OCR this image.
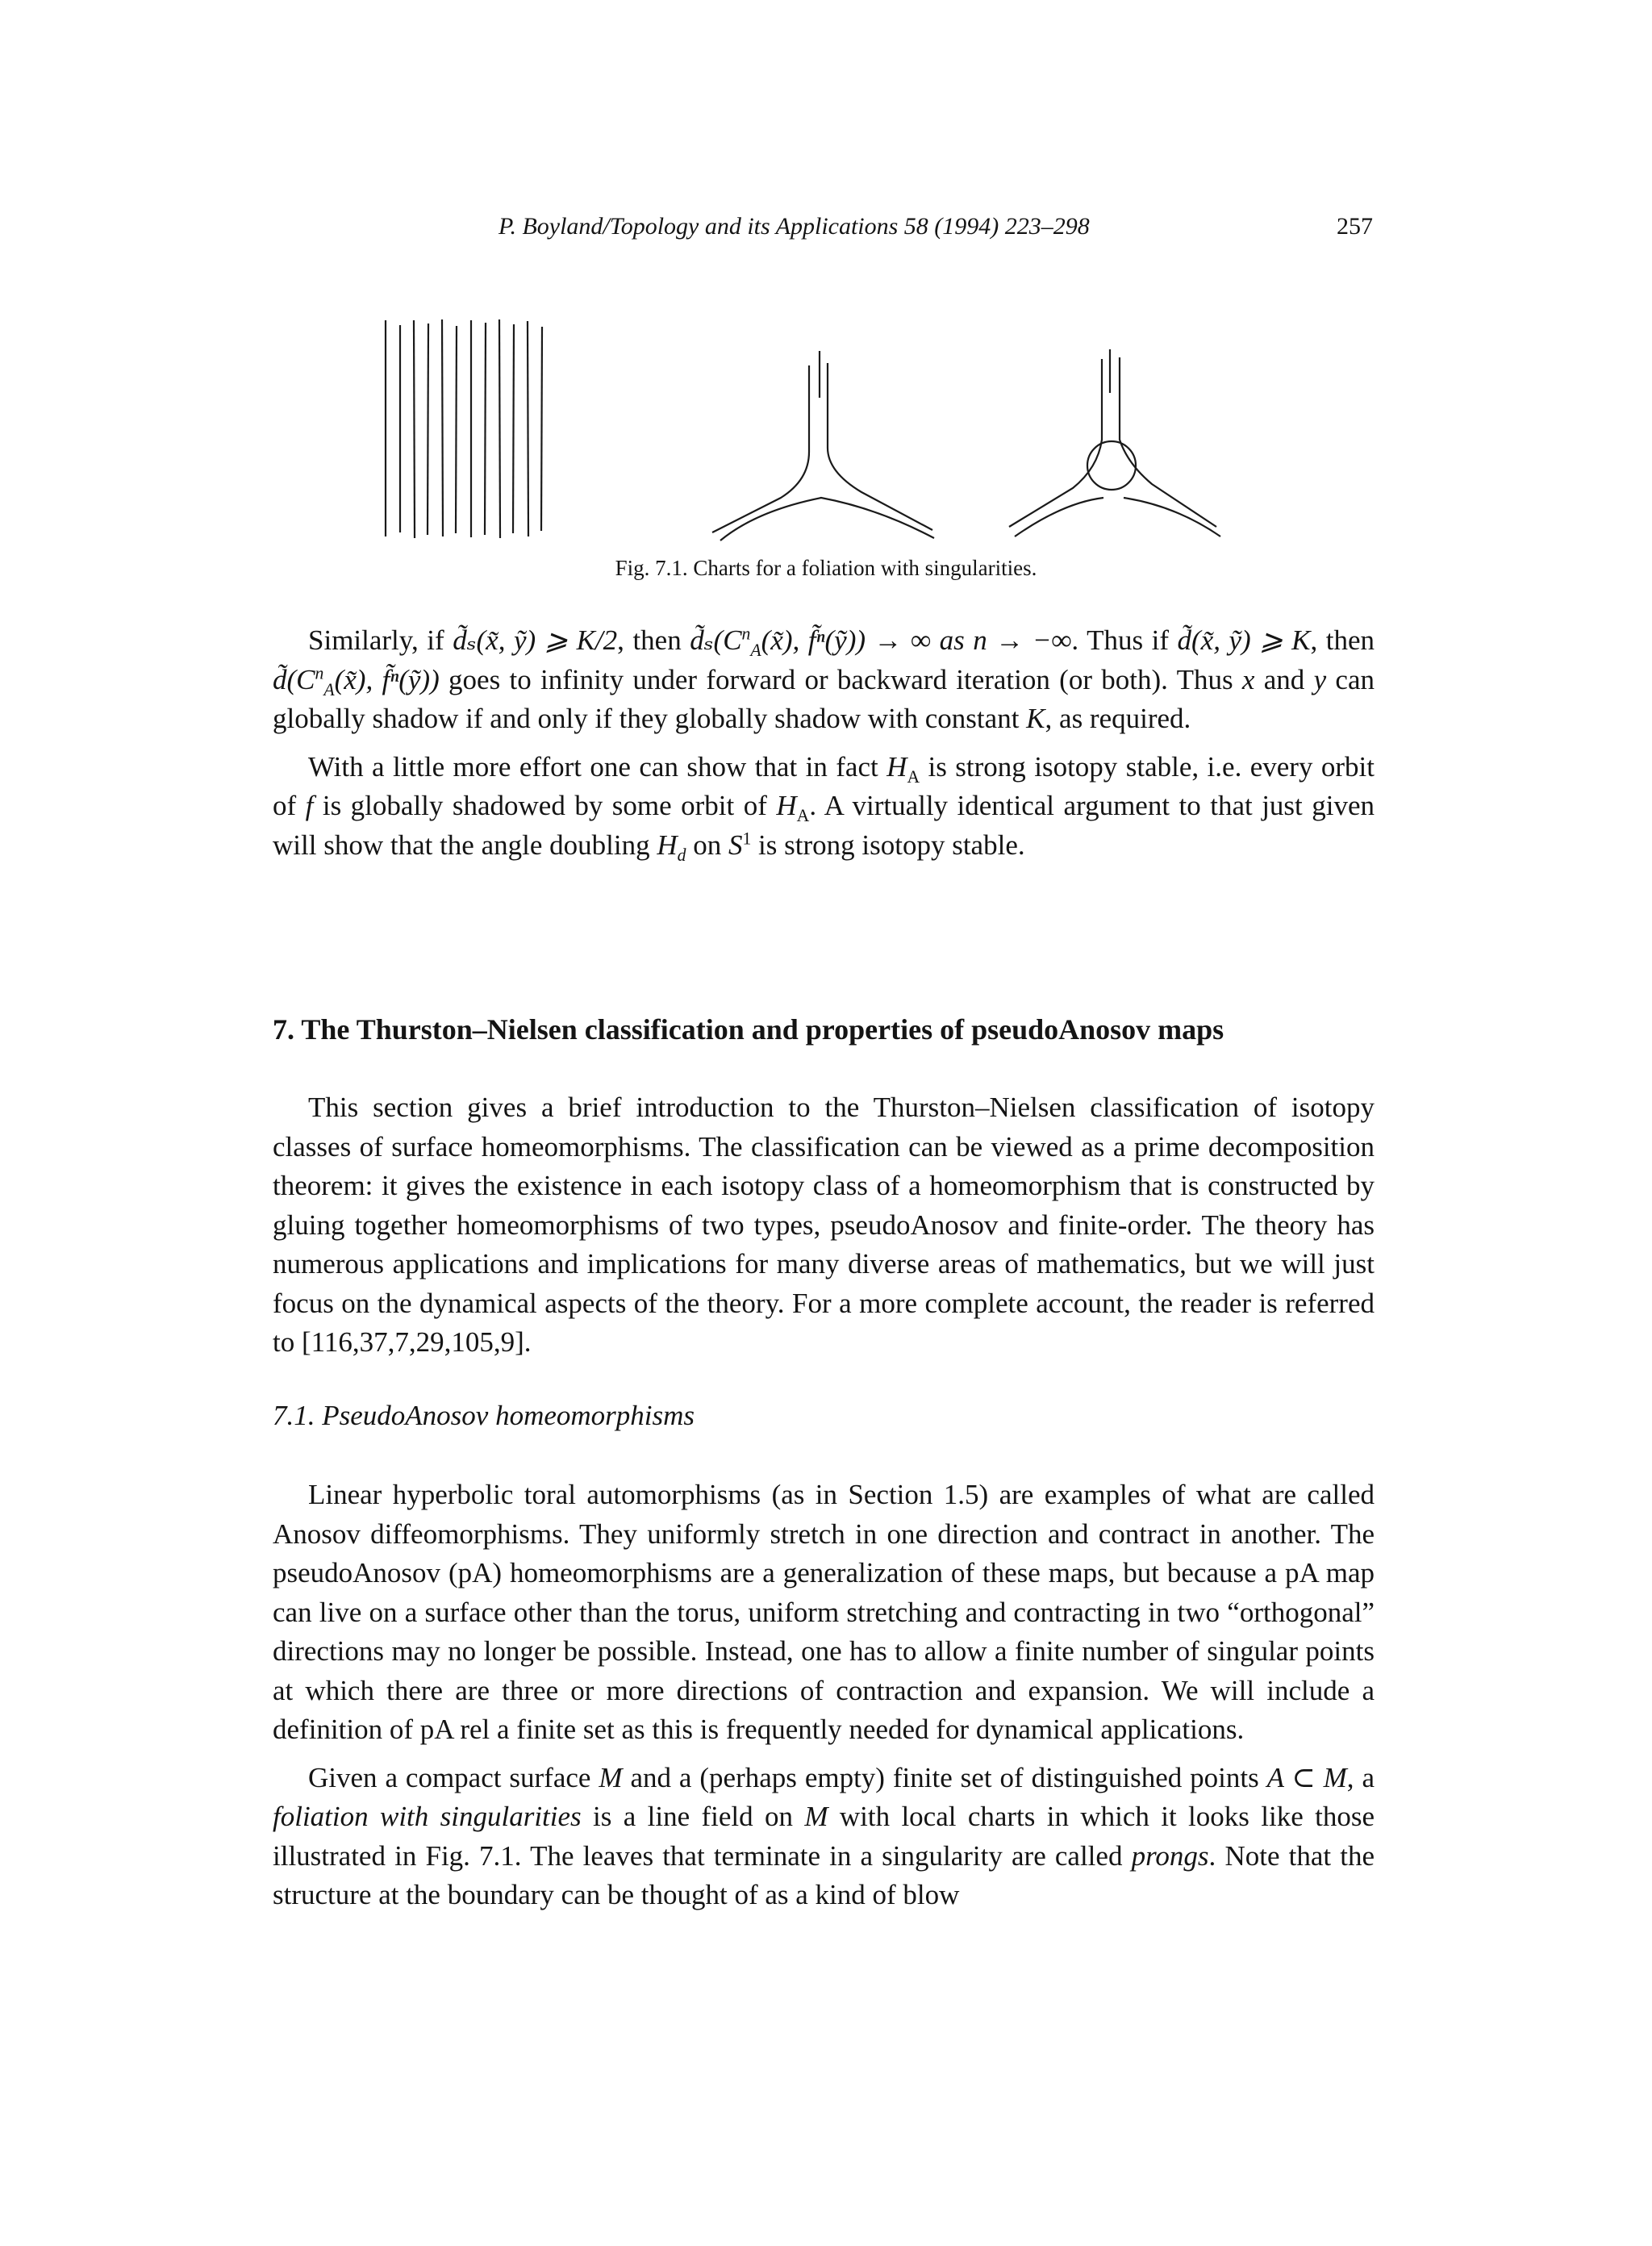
P. Boyland/Topology and its Applications 58 (1994) 223–298	257
Fig. 7.1. Charts for a foliation with singularities.

Similarly, if d̃ₛ(x̃, ỹ) ⩾ K/2, then $d̃_s(C^n_A(x̃)$, f̃ⁿ(ỹ)) → ∞ as n → −∞. Thus if d̃(x̃, ỹ) ⩾ K, then $d̃(C^n_A(x̃)$, f̃ⁿ(ỹ)) goes to infinity under forward or backward iteration (or both). Thus x and y can globally shadow if and only if they globally shadow with constant K, as required.

With a little more effort one can show that in fact $H_A$ is strong isotopy stable, i.e. every orbit of f is globally shadowed by some orbit of $H_A$. A virtually identical argument to that just given will show that the angle doubling $H_d$ on $S^1$ is strong isotopy stable.

7. The Thurston–Nielsen classification and properties of pseudoAnosov maps

This section gives a brief introduction to the Thurston–Nielsen classification of isotopy classes of surface homeomorphisms. The classification can be viewed as a prime decomposition theorem: it gives the existence in each isotopy class of a homeomorphism that is constructed by gluing together homeomorphisms of two types, pseudoAnosov and finite-order. The theory has numerous applications and implications for many diverse areas of mathematics, but we will just focus on the dynamical aspects of the theory. For a more complete account, the reader is referred to [116,37,7,29,105,9].

7.1. PseudoAnosov homeomorphisms

Linear hyperbolic toral automorphisms (as in Section 1.5) are examples of what are called Anosov diffeomorphisms. They uniformly stretch in one direction and contract in another. The pseudoAnosov (pA) homeomorphisms are a generalization of these maps, but because a pA map can live on a surface other than the torus, uniform stretching and contracting in two “orthogonal” directions may no longer be possible. Instead, one has to allow a finite number of singular points at which there are three or more directions of contraction and expansion. We will include a definition of pA rel a finite set as this is frequently needed for dynamical applications.

Given a compact surface M and a (perhaps empty) finite set of distinguished points A ⊂ M, a foliation with singularities is a line field on M with local charts in which it looks like those illustrated in Fig. 7.1. The leaves that terminate in a singularity are called prongs. Note that the structure at the boundary can be thought of as a kind of blow
